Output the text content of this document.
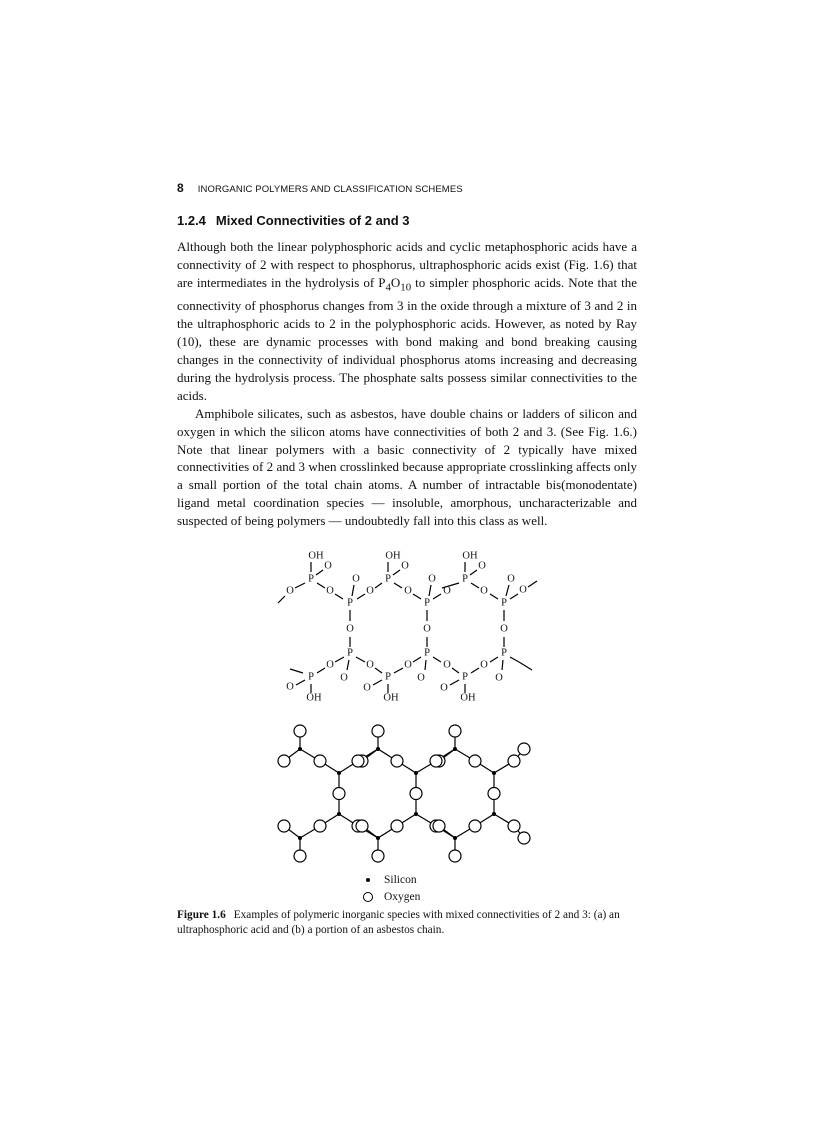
8 INORGANIC POLYMERS AND CLASSIFICATION SCHEMES
1.2.4 Mixed Connectivities of 2 and 3

Although both the linear polyphosphoric acids and cyclic metaphosphoric acids have a connectivity of 2 with respect to phosphorus, ultraphosphoric acids exist (Fig. 1.6) that are intermediates in the hydrolysis of $P_4O_{10}$ to simpler phosphoric acids. Note that the connectivity of phosphorus changes from 3 in the oxide through a mixture of 3 and 2 in the ultraphosphoric acids to 2 in the polyphosphoric acids. However, as noted by Ray (10), these are dynamic processes with bond making and bond breaking causing changes in the connectivity of individual phosphorus atoms increasing and decreasing during the hydrolysis process. The phosphate salts possess similar connectivities to the acids.

Amphibole silicates, such as asbestos, have double chains or ladders of silicon and oxygen in which the silicon atoms have connectivities of both 2 and 3. (See Fig. 1.6.) Note that linear polymers with a basic connectivity of 2 typically have mixed connectivities of 2 and 3 when crosslinked because appropriate crosslinking affects only a small portion of the total chain atoms. A number of intractable bis(monodentate) ligand metal coordination species — insoluble, amorphous, uncharacterizable and suspected of being polymers — undoubtedly fall into this class as well.

P
OH
O
P
OH
O
P
OH
O
O	O	O	O	O	O
P
O
P
O
P
O
O
O	O	O
P	P	P
O	O	O
O	O	O	O
O
P
OH
P
OH
P
OH
O	O	O
Silicon
Oxygen
Figure 1.6 Examples of polymeric inorganic species with mixed connectivities of 2 and 3: (a) an ultraphosphoric acid and (b) a portion of an asbestos chain.
